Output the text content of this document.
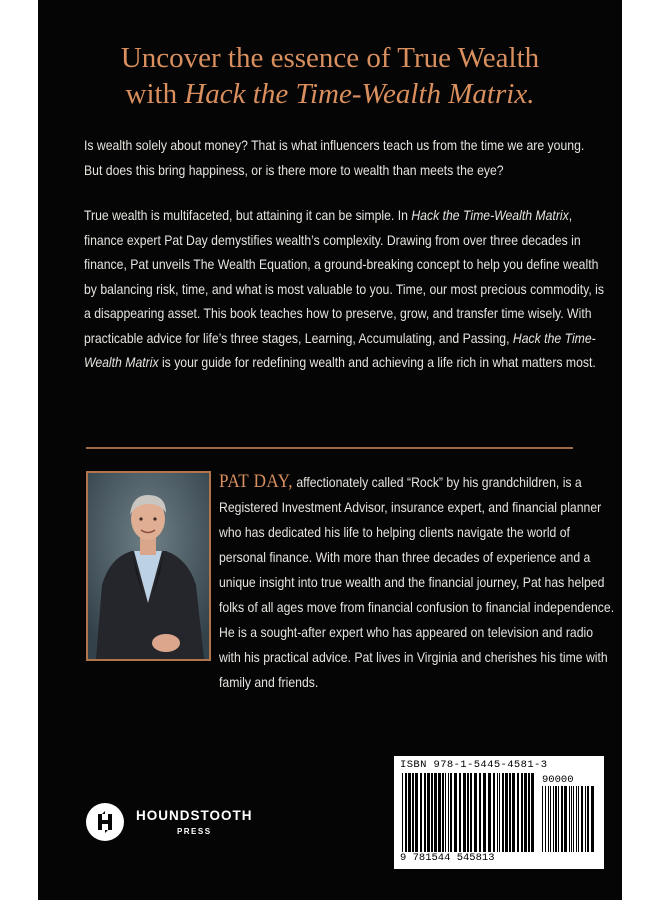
Uncover the essence of True Wealth
with Hack the Time-Wealth Matrix.
Is wealth solely about money? That is what influencers teach us from the time we are young. But does this bring happiness, or is there more to wealth than meets the eye?
True wealth is multifaceted, but attaining it can be simple. In Hack the Time-Wealth Matrix, finance expert Pat Day demystifies wealth’s complexity. Drawing from over three decades in finance, Pat unveils The Wealth Equation, a ground-breaking concept to help you define wealth by balancing risk, time, and what is most valuable to you. Time, our most precious commodity, is a disappearing asset. This book teaches how to preserve, grow, and transfer time wisely. With practicable advice for life’s three stages, Learning, Accumulating, and Passing, Hack the Time-Wealth Matrix is your guide for redefining wealth and achieving a life rich in what matters most.
PAT DAY, affectionately called “Rock” by his grandchildren, is a Registered Investment Advisor, insurance expert, and financial planner who has dedicated his life to helping clients navigate the world of personal finance. With more than three decades of experience and a unique insight into true wealth and the financial journey, Pat has helped folks of all ages move from financial confusion to financial independence. He is a sought-after expert who has appeared on television and radio with his practical advice. Pat lives in Virginia and cherishes his time with family and friends.
HOUNDSTOOTH
PRESS
ISBN 978-1-5445-4581-3
90000
9 781544 545813
